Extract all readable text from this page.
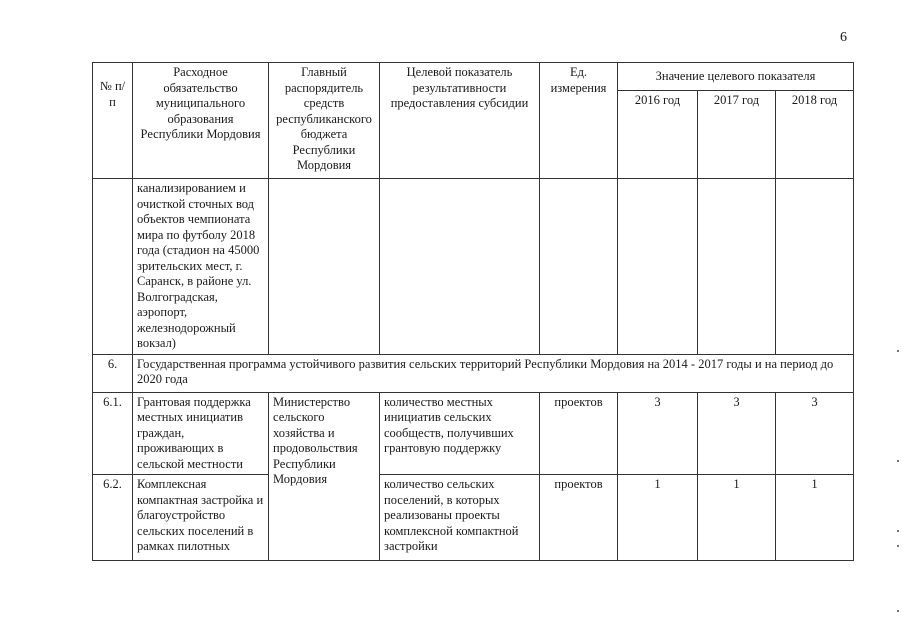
6
№ п/п	Расходное обязательство муниципального образования Республики Мордовия	Главный распорядитель средств республиканского бюджета Республики Мордовия	Целевой показатель результативности предоставления субсидии	Ед. измерения	Значение целевого показателя		
					2016 год	2017 год	2018 год
	канализированием и очисткой сточных вод объектов чемпионата мира по футболу 2018 года (стадион на 45000 зрительских мест, г. Саранск, в районе ул. Волгоградская, аэропорт, железнодорожный вокзал)						
6.	Государственная программа устойчивого развития сельских территорий Республики Мордовия на 2014 - 2017 годы и на период до 2020 года						
6.1.	Грантовая поддержка местных инициатив граждан, проживающих в сельской местности	Министерство сельского хозяйства и продовольствия Республики Мордовия	количество местных инициатив сельских сообществ, получивших грантовую поддержку	проектов	3	3	3
6.2.	Комплексная компактная застройка и благоустройство сельских поселений в рамках пилотных		количество сельских поселений, в которых реализованы проекты комплексной компактной застройки	проектов	1	1	1
